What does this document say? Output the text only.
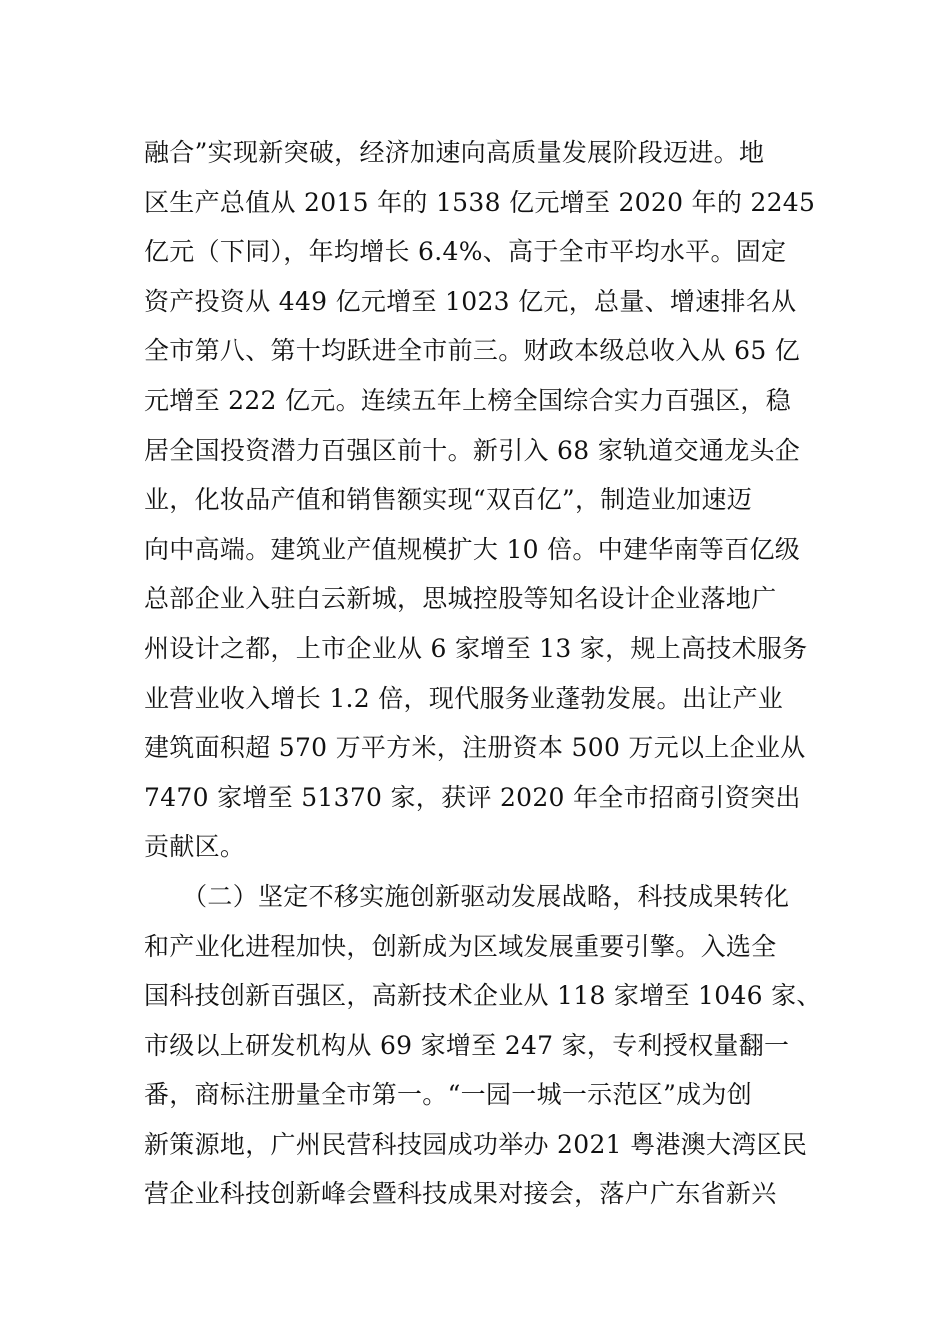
融合”实现新突破，经济加速向高质量发展阶段迈进。地
区生产总值从 2015 年的 1538 亿元增至 2020 年的 2245
亿元（下同），年均增长 6.4%、高于全市平均水平。固定
资产投资从 449 亿元增至 1023 亿元，总量、增速排名从
全市第八、第十均跃进全市前三。财政本级总收入从 65 亿
元增至 222 亿元。连续五年上榜全国综合实力百强区，稳
居全国投资潜力百强区前十。新引入 68 家轨道交通龙头企
业，化妆品产值和销售额实现“双百亿”，制造业加速迈
向中高端。建筑业产值规模扩大 10 倍。中建华南等百亿级
总部企业入驻白云新城，思城控股等知名设计企业落地广
州设计之都，上市企业从 6 家增至 13 家，规上高技术服务
业营业收入增长 1.2 倍，现代服务业蓬勃发展。出让产业
建筑面积超 570 万平方米，注册资本 500 万元以上企业从
7470 家增至 51370 家，获评 2020 年全市招商引资突出
贡献区。
　　（二）坚定不移实施创新驱动发展战略，科技成果转化
和产业化进程加快，创新成为区域发展重要引擎。入选全
国科技创新百强区，高新技术企业从 118 家增至 1046 家、
市级以上研发机构从 69 家增至 247 家，专利授权量翻一
番，商标注册量全市第一。“一园一城一示范区”成为创
新策源地，广州民营科技园成功举办 2021 粤港澳大湾区民
营企业科技创新峰会暨科技成果对接会，落户广东省新兴
